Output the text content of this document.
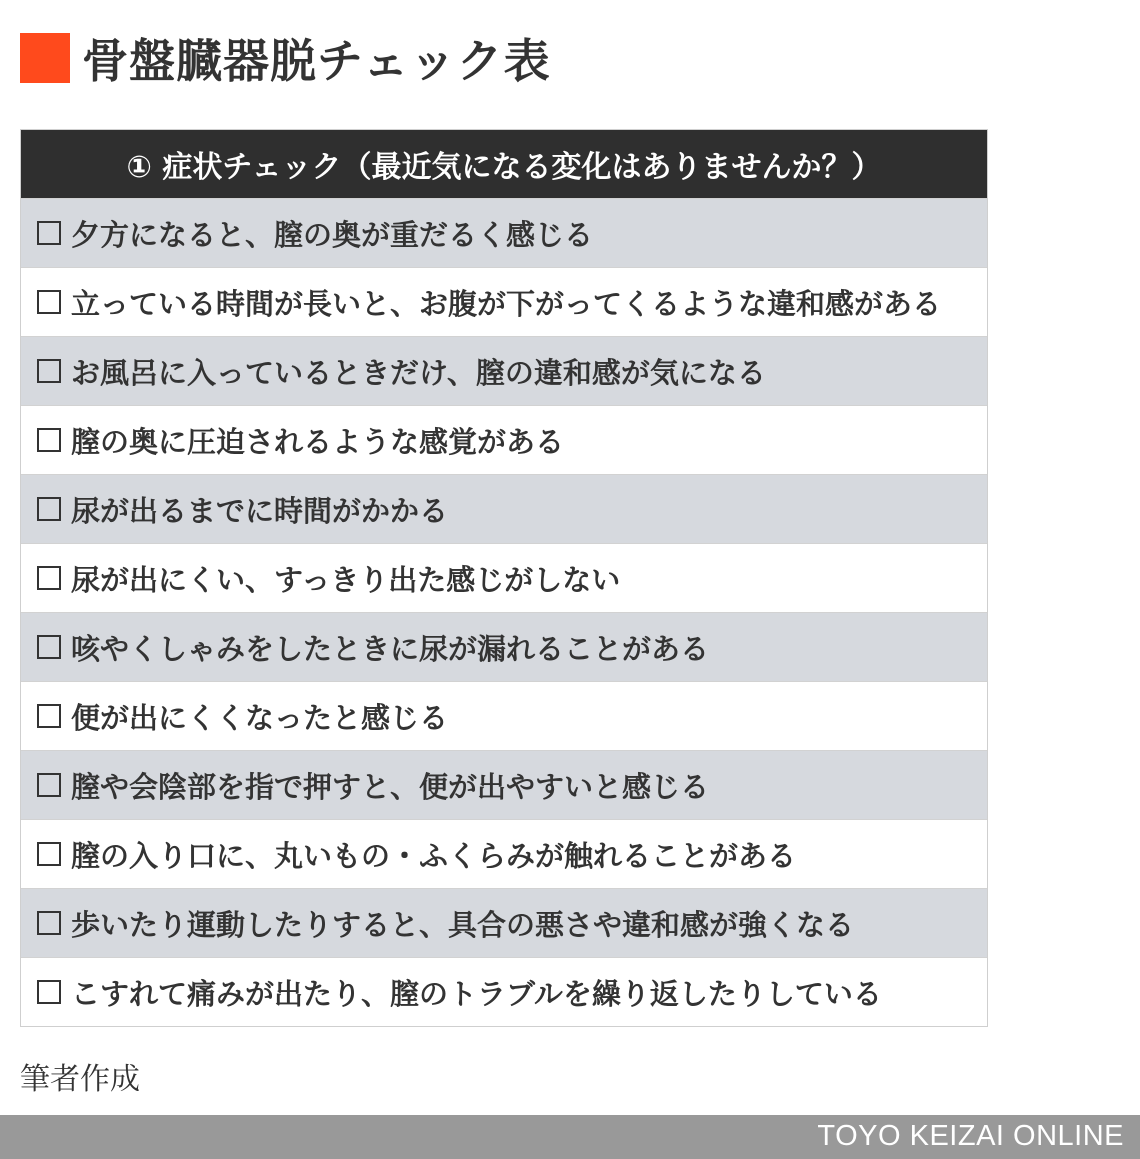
骨盤臓器脱チェック表
① 症状チェック（最近気になる変化はありませんか？）
夕方になると、膣の奥が重だるく感じる
立っている時間が長いと、お腹が下がってくるような違和感がある
お風呂に入っているときだけ、膣の違和感が気になる
膣の奥に圧迫されるような感覚がある
尿が出るまでに時間がかかる
尿が出にくい、すっきり出た感じがしない
咳やくしゃみをしたときに尿が漏れることがある
便が出にくくなったと感じる
膣や会陰部を指で押すと、便が出やすいと感じる
膣の入り口に、丸いもの・ふくらみが触れることがある
歩いたり運動したりすると、具合の悪さや違和感が強くなる
こすれて痛みが出たり、膣のトラブルを繰り返したりしている
筆者作成
TOYO KEIZAI ONLINE
